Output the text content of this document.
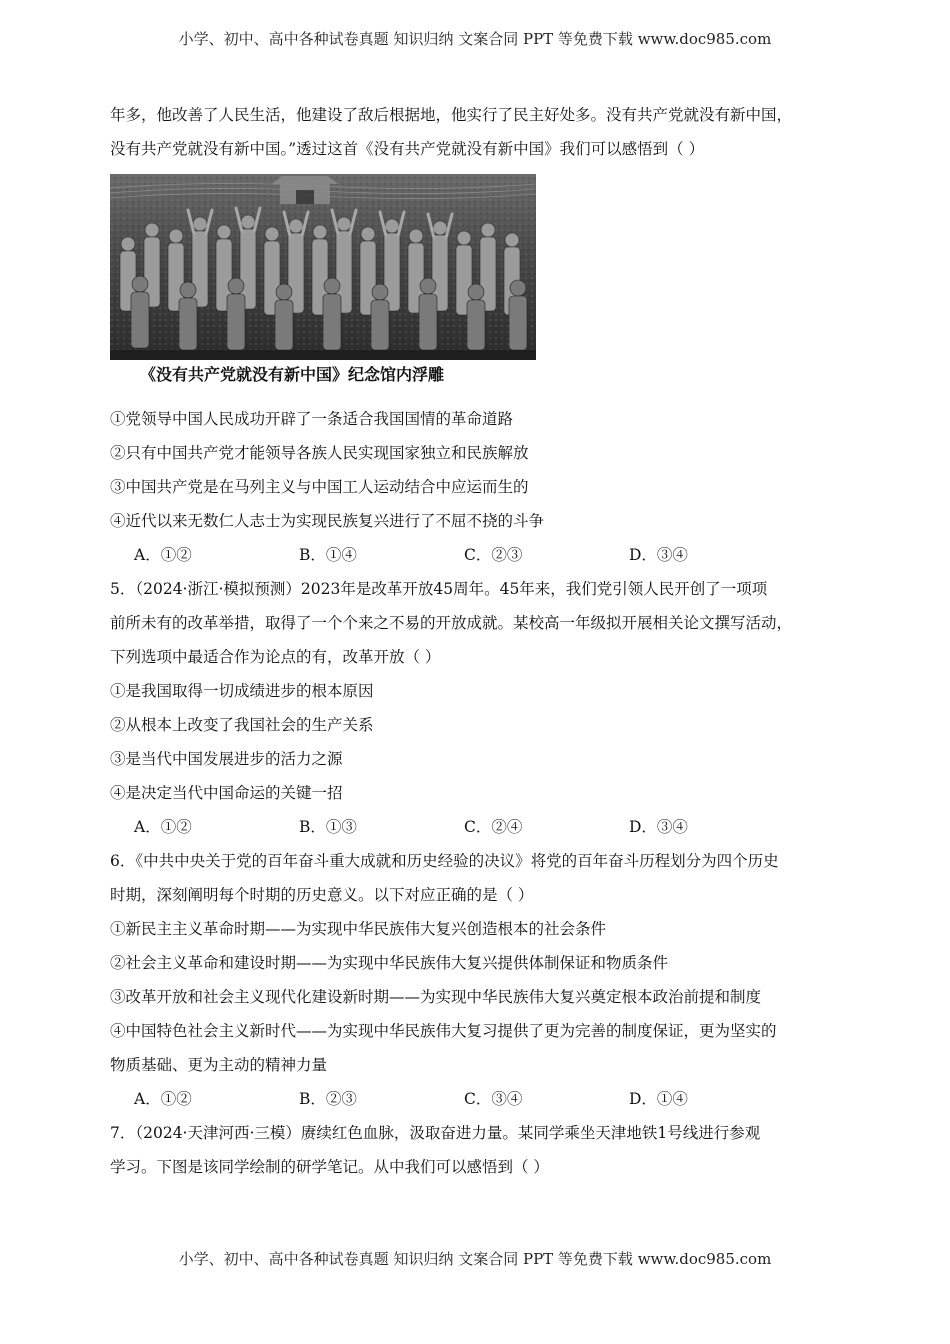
小学、初中、高中各种试卷真题 知识归纳 文案合同 PPT 等免费下载 www.doc985.com
年多，他改善了人民生活，他建设了敌后根据地，他实行了民主好处多。没有共产党就没有新中国，
没有共产党就没有新中国。”透过这首《没有共产党就没有新中国》我们可以感悟到（ ）
《没有共产党就没有新中国》纪念馆内浮雕
①党领导中国人民成功开辟了一条适合我国国情的革命道路
②只有中国共产党才能领导各族人民实现国家独立和民族解放
③中国共产党是在马列主义与中国工人运动结合中应运而生的
④近代以来无数仁人志士为实现民族复兴进行了不屈不挠的斗争
A．①②	B．①④	C．②③	D．③④
5．（2024·浙江·模拟预测）2023年是改革开放45周年。45年来，我们党引领人民开创了一项项
前所未有的改革举措，取得了一个个来之不易的开放成就。某校高一年级拟开展相关论文撰写活动，
下列选项中最适合作为论点的有，改革开放（ ）
①是我国取得一切成绩进步的根本原因
②从根本上改变了我国社会的生产关系
③是当代中国发展进步的活力之源
④是决定当代中国命运的关键一招
A．①②	B．①③	C．②④	D．③④
6．《中共中央关于党的百年奋斗重大成就和历史经验的决议》将党的百年奋斗历程划分为四个历史
时期，深刻阐明每个时期的历史意义。以下对应正确的是（ ）
①新民主主义革命时期——为实现中华民族伟大复兴创造根本的社会条件
②社会主义革命和建设时期——为实现中华民族伟大复兴提供体制保证和物质条件
③改革开放和社会主义现代化建设新时期——为实现中华民族伟大复兴奠定根本政治前提和制度
④中国特色社会主义新时代——为实现中华民族伟大复习提供了更为完善的制度保证，更为坚实的
物质基础、更为主动的精神力量
A．①②	B．②③	C．③④	D．①④
7．（2024·天津河西·三模）赓续红色血脉，汲取奋进力量。某同学乘坐天津地铁1号线进行参观
学习。下图是该同学绘制的研学笔记。从中我们可以感悟到（ ）
小学、初中、高中各种试卷真题 知识归纳 文案合同 PPT 等免费下载 www.doc985.com
